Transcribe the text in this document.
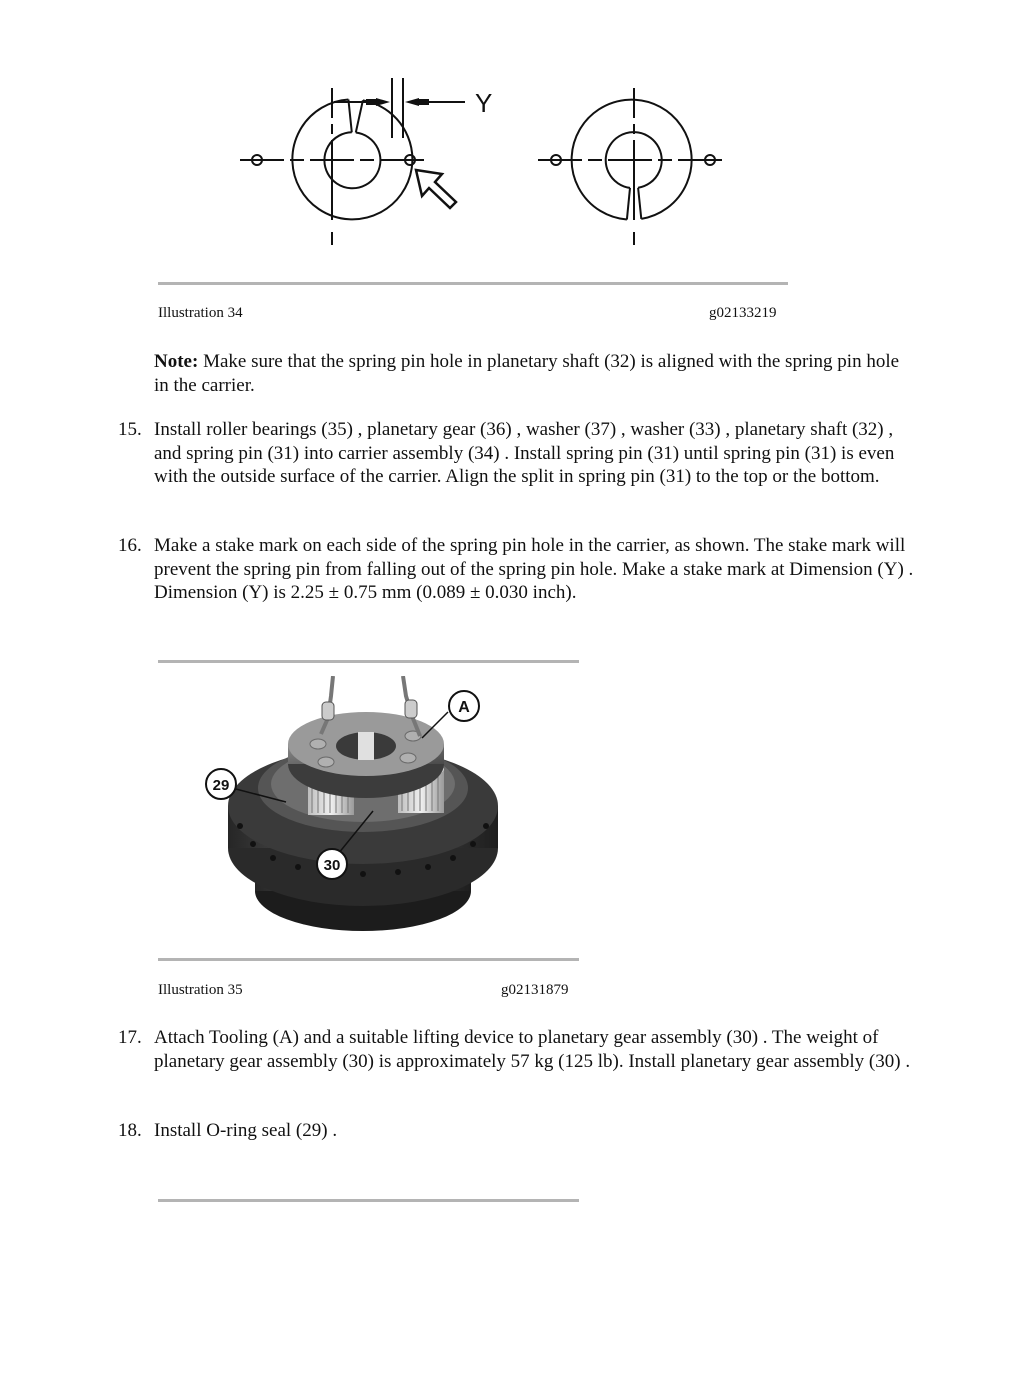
Y
Illustration 34	g02133219
Note: Make sure that the spring pin hole in planetary shaft (32) is aligned with the spring pin hole in the carrier.
15. Install roller bearings (35) , planetary gear (36) , washer (37) , washer (33) , planetary shaft (32) , and spring pin (31) into carrier assembly (34) . Install spring pin (31) until spring pin (31) is even with the outside surface of the carrier. Align the split in spring pin (31) to the top or the bottom.
16. Make a stake mark on each side of the spring pin hole in the carrier, as shown. The stake mark will prevent the spring pin from falling out of the spring pin hole. Make a stake mark at Dimension (Y) . Dimension (Y) is 2.25 ± 0.75 mm (0.089 ± 0.030 inch).
A
29
30
Illustration 35	g02131879
17. Attach Tooling (A) and a suitable lifting device to planetary gear assembly (30) . The weight of planetary gear assembly (30) is approximately 57 kg (125 lb). Install planetary gear assembly (30) .
18. Install O-ring seal (29) .
